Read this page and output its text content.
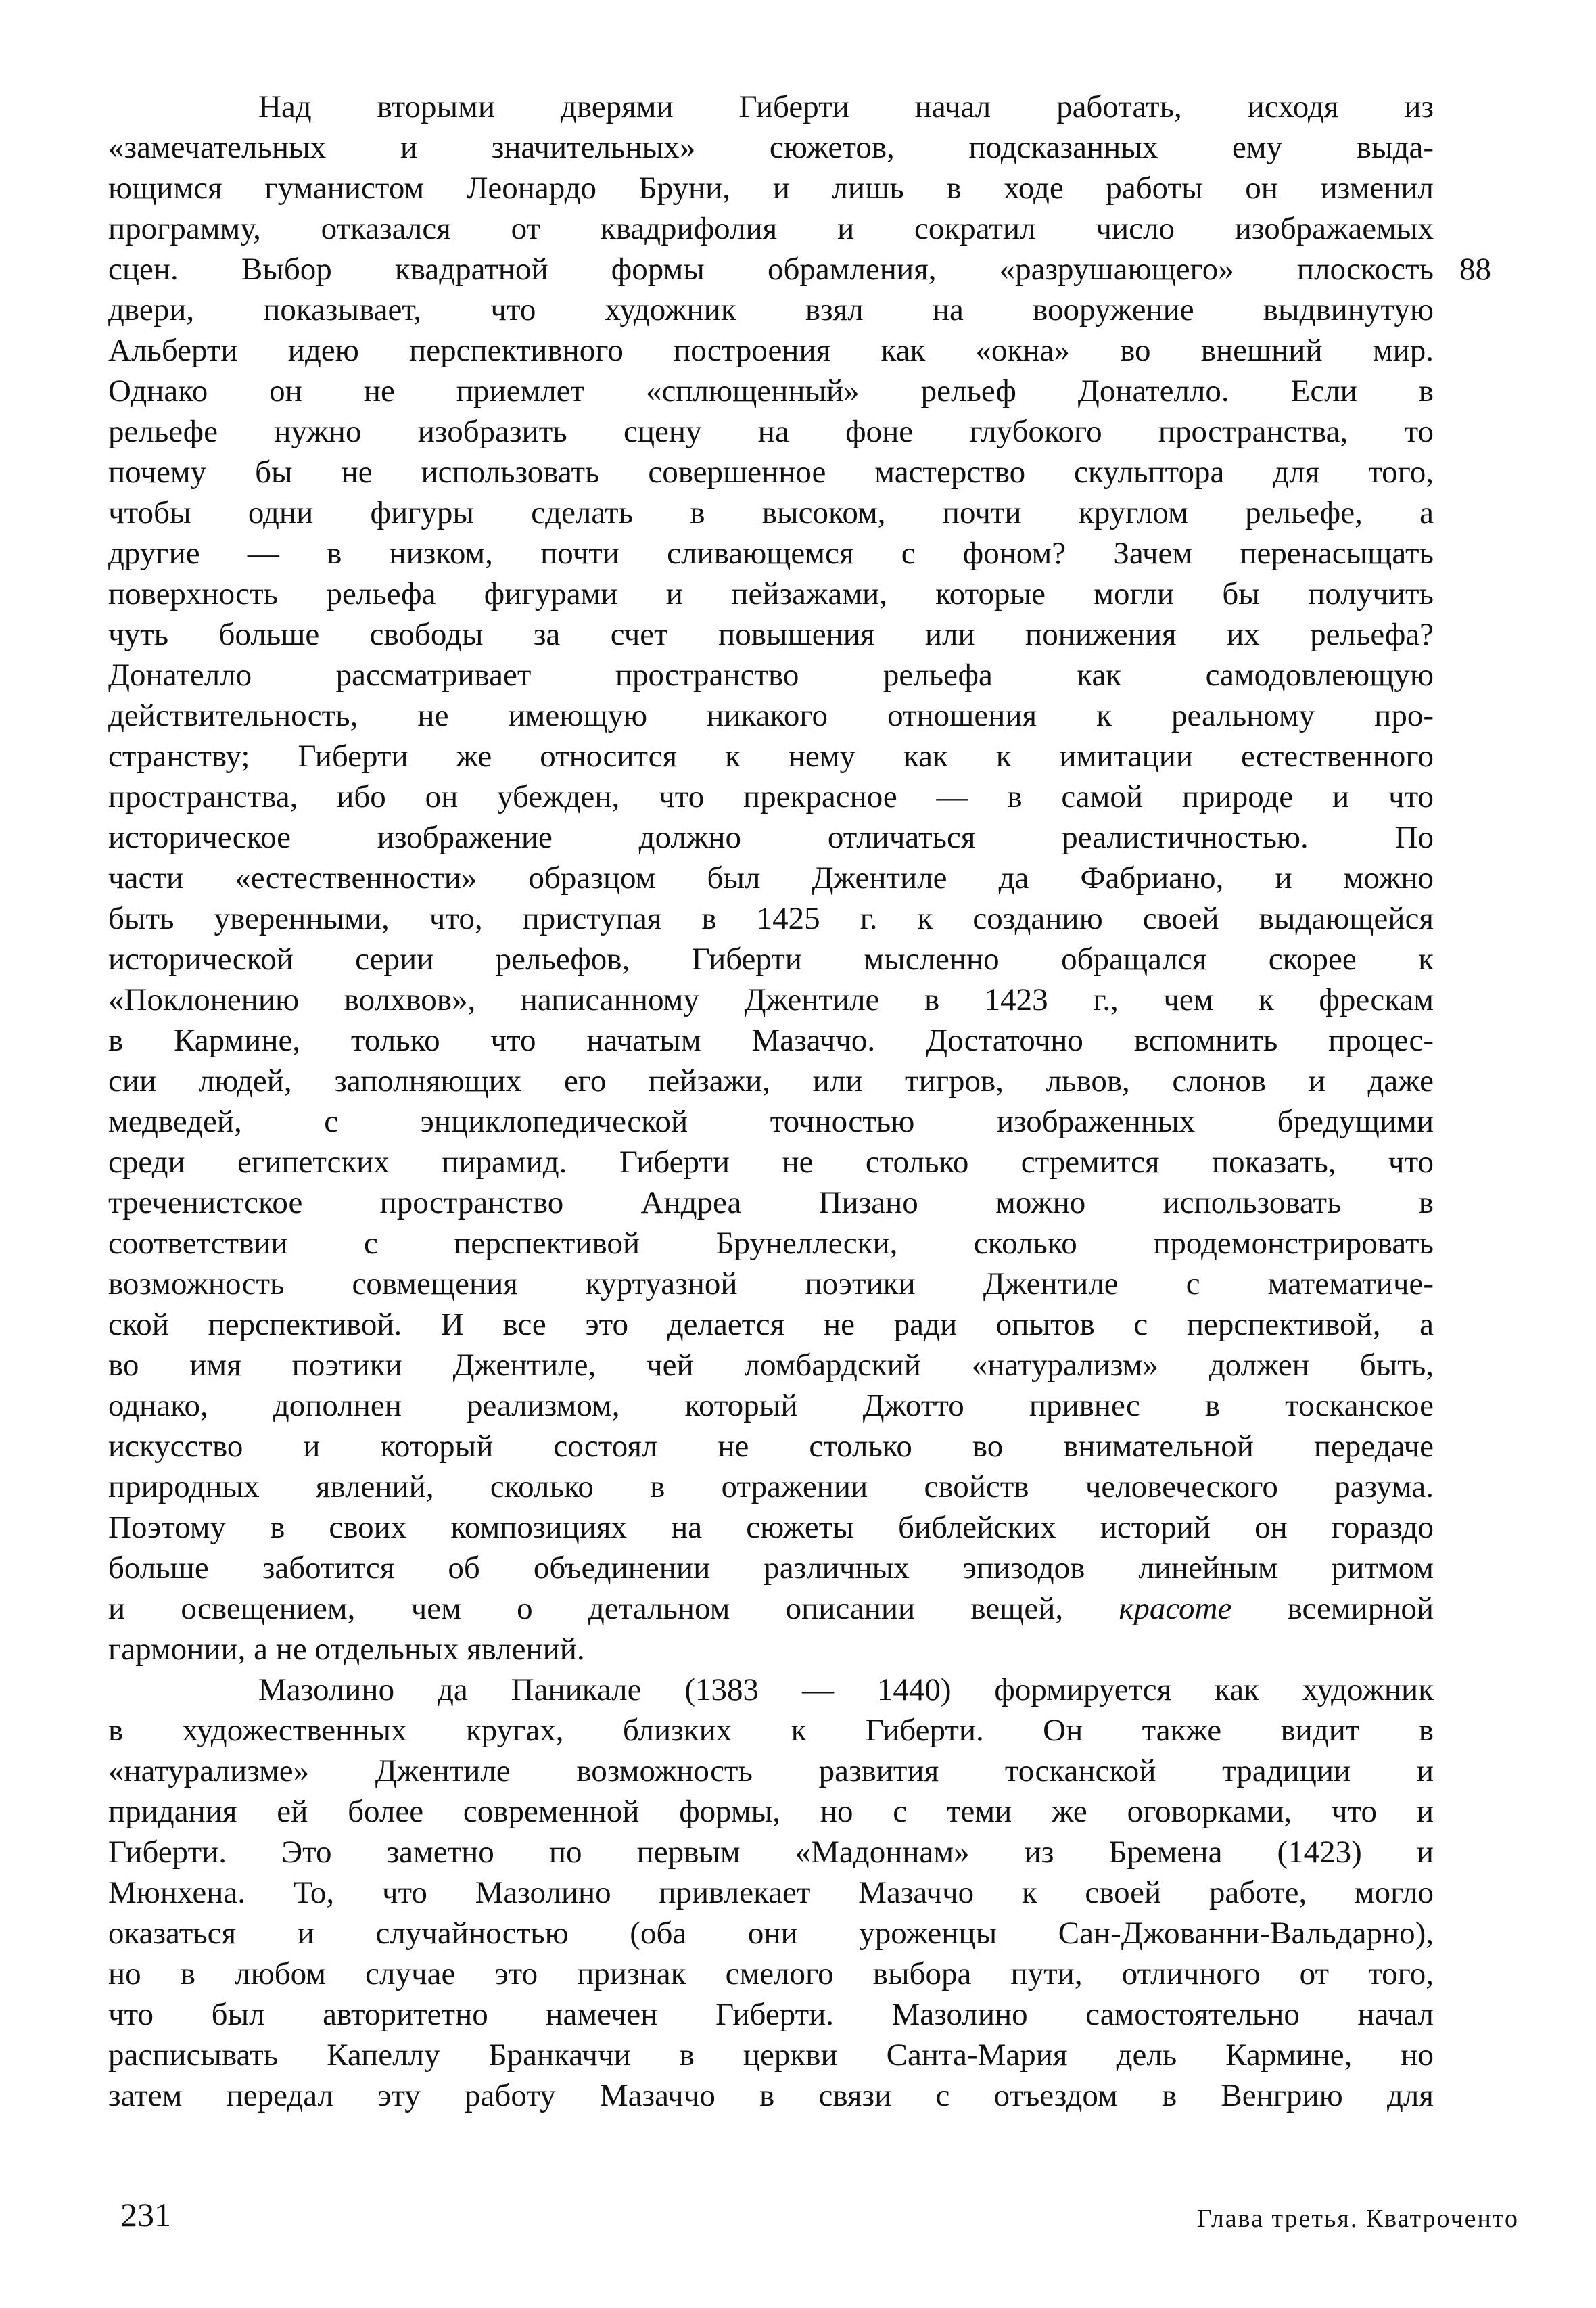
Над вторыми дверями Гиберти начал работать, исходя из
«замечательных и значительных» сюжетов, подсказанных ему выда-
ющимся гуманистом Леонардо Бруни, и лишь в ходе работы он изменил
программу, отказался от квадрифолия и сократил число изображаемых
сцен. Выбор квадратной формы обрамления, «разрушающего» плоскость
двери, показывает, что художник взял на вооружение выдвинутую
Альберти идею перспективного построения как «окна» во внешний мир.
Однако он не приемлет «сплющенный» рельеф Донателло. Если в
рельефе нужно изобразить сцену на фоне глубокого пространства, то
почему бы не использовать совершенное мастерство скульптора для того,
чтобы одни фигуры сделать в высоком, почти круглом рельефе, а
другие — в низком, почти сливающемся с фоном? Зачем перенасыщать
поверхность рельефа фигурами и пейзажами, которые могли бы получить
чуть больше свободы за счет повышения или понижения их рельефа?
Донателло рассматривает пространство рельефа как самодовлеющую
действительность, не имеющую никакого отношения к реальному про-
странству; Гиберти же относится к нему как к имитации естественного
пространства, ибо он убежден, что прекрасное — в самой природе и что
историческое изображение должно отличаться реалистичностью. По
части «естественности» образцом был Джентиле да Фабриано, и можно
быть уверенными, что, приступая в 1425 г. к созданию своей выдающейся
исторической серии рельефов, Гиберти мысленно обращался скорее к
«Поклонению волхвов», написанному Джентиле в 1423 г., чем к фрескам
в Кармине, только что начатым Мазаччо. Достаточно вспомнить процес-
сии людей, заполняющих его пейзажи, или тигров, львов, слонов и даже
медведей, с энциклопедической точностью изображенных бредущими
среди египетских пирамид. Гиберти не столько стремится показать, что
треченистское пространство Андреа Пизано можно использовать в
соответствии с перспективой Брунеллески, сколько продемонстрировать
возможность совмещения куртуазной поэтики Джентиле с математиче-
ской перспективой. И все это делается не ради опытов с перспективой, а
во имя поэтики Джентиле, чей ломбардский «натурализм» должен быть,
однако, дополнен реализмом, который Джотто привнес в тосканское
искусство и который состоял не столько во внимательной передаче
природных явлений, сколько в отражении свойств человеческого разума.
Поэтому в своих композициях на сюжеты библейских историй он гораздо
больше заботится об объединении различных эпизодов линейным ритмом
и освещением, чем о детальном описании вещей, красоте всемирной
гармонии, а не отдельных явлений.
Мазолино да Паникале (1383 — 1440) формируется как художник
в художественных кругах, близких к Гиберти. Он также видит в
«натурализме» Джентиле возможность развития тосканской традиции и
придания ей более современной формы, но с теми же оговорками, что и
Гиберти. Это заметно по первым «Мадоннам» из Бремена (1423) и
Мюнхена. То, что Мазолино привлекает Мазаччо к своей работе, могло
оказаться и случайностью (оба они уроженцы Сан-Джованни-Вальдарно),
но в любом случае это признак смелого выбора пути, отличного от того,
что был авторитетно намечен Гиберти. Мазолино самостоятельно начал
расписывать Капеллу Бранкаччи в церкви Санта-Мария дель Кармине, но
затем передал эту работу Мазаччо в связи с отъездом в Венгрию для
88
231	Глава третья. Кватроченто
